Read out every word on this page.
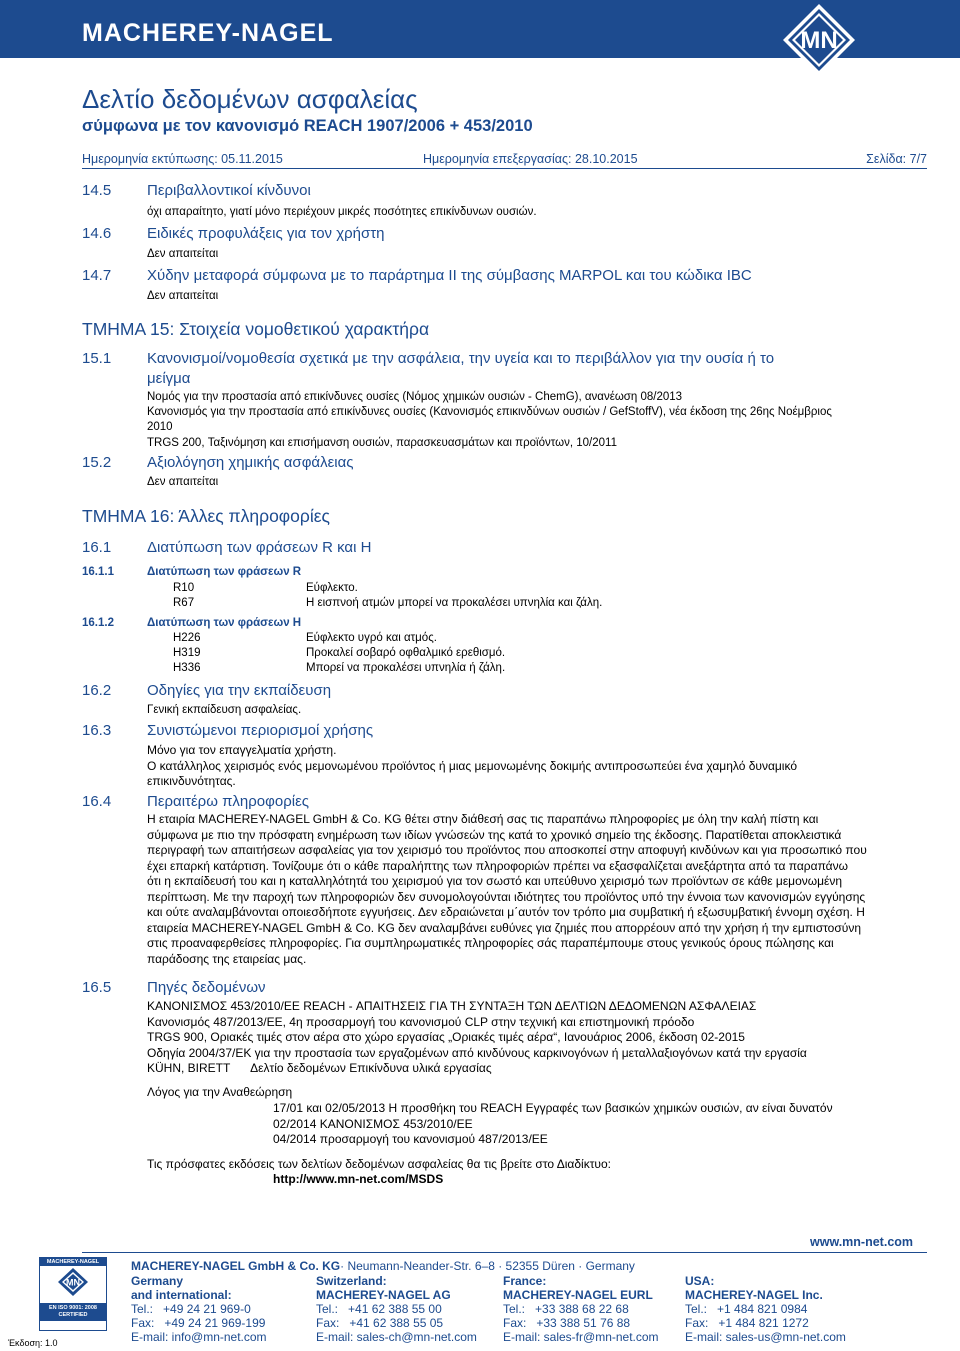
MACHEREY-NAGEL	MN
Δελτίο δεδομένων ασφαλείας
σύμφωνα με τον κανονισμό REACH 1907/2006 + 453/2010
Ημερομηνία εκτύπωσης: 05.11.2015	Ημερομηνία επεξεργασίας: 28.10.2015	Σελίδα: 7/7
14.5 Περιβαλλοντικοί κίνδυνοι
όχι απαραίτητο, γιατί μόνο περιέχουν μικρές ποσότητες επικίνδυνων ουσιών.
14.6 Ειδικές προφυλάξεις για τον χρήστη
Δεν απαιτείται
14.7 Χύδην μεταφορά σύμφωνα με το παράρτημα II της σύμβασης MARPOL και του κώδικα IBC
Δεν απαιτείται
ΤΜΗΜΑ 15: Στοιχεία νομοθετικού χαρακτήρα
15.1 Κανονισμοί/νομοθεσία σχετικά με την ασφάλεια, την υγεία και το περιβάλλον για την ουσία ή το
μείγμα
Νομός για την προστασία από επικίνδυνες ουσίες (Νόμος χημικών ουσιών - ChemG), ανανέωση 08/2013
Κανονισμός για την προστασία από επικίνδυνες ουσίες (Κανονισμός επικινδύνων ουσιών / GefStoffV), νέα έκδοση της 26ης Νοέμβριος
2010
TRGS 200, Ταξινόμηση και επισήμανση ουσιών, παρασκευασμάτων και προϊόντων, 10/2011
15.2 Αξιολόγηση χημικής ασφάλειας
Δεν απαιτείται
ΤΜΗΜΑ 16: Άλλες πληροφορίες
16.1 Διατύπωση των φράσεων R και H
16.1.1	Διατύπωση των φράσεων R
R10	Εύφλεκτο.
R67	Η εισπνοή ατμών μπορεί να προκαλέσει υπνηλία και ζάλη.
16.1.2	Διατύπωση των φράσεων H
H226	Εύφλεκτο υγρό και ατμός.
H319	Προκαλεί σοβαρό οφθαλμικό ερεθισμό.
H336	Μπορεί να προκαλέσει υπνηλία ή ζάλη.
16.2 Οδηγίες για την εκπαίδευση
Γενική εκπαίδευση ασφαλείας.
16.3 Συνιστώμενοι περιορισμοί χρήσης
Μόνο για τον επαγγελματία χρήστη.
Ο κατάλληλος χειρισμός ενός μεμονωμένου προϊόντος ή μιας μεμονωμένης δοκιμής αντιπροσωπεύει ένα χαμηλό δυναμικό
επικινδυνότητας.
16.4 Περαιτέρω πληροφορίες
Η εταιρία MACHEREY-NAGEL GmbH & Co. KG θέτει στην διάθεσή σας τις παραπάνω πληροφορίες με όλη την καλή πίστη και
σύμφωνα με πιο την πρόσφατη ενημέρωση των ιδίων γνώσεών της κατά το χρονικό σημείο της έκδοσης. Παρατίθεται αποκλειστικά
περιγραφή των απαιτήσεων ασφαλείας για τον χειρισμό του προϊόντος που αποσκοπεί στην αποφυγή κινδύνων και για προσωπικό που
έχει επαρκή κατάρτιση. Τονίζουμε ότι ο κάθε παραλήπτης των πληροφοριών πρέπει να εξασφαλίζεται ανεξάρτητα από τα παραπάνω
ότι η εκπαίδευσή του και η καταλληλότητά του χειρισμού για τον σωστό και υπεύθυνο χειρισμό των προϊόντων σε κάθε μεμονωμένη
περίπτωση. Με την παροχή των πληροφοριών δεν συνομολογούνται ιδιότητες του προϊόντος υπό την έννοια των κανονισμών εγγύησης
και ούτε αναλαμβάνονται οποιεσδήποτε εγγυήσεις. Δεν εδραιώνεται μ΄αυτόν τον τρόπο μια συμβατική ή εξωσυμβατική έννομη σχέση. Η
εταιρεία MACHEREY-NAGEL GmbH & Co. KG δεν αναλαμβάνει ευθύνες για ζημιές που απορρέουν από την χρήση ή την εμπιστοσύνη
στις προαναφερθείσες πληροφορίες. Για συμπληρωματικές πληροφορίες σάς παραπέμπουμε στους γενικούς όρους πώλησης και
παράδοσης της εταιρείας μας.
16.5 Πηγές δεδομένων
ΚΑΝΟΝΙΣΜΟΣ 453/2010/ΕΕ REACH - ΑΠΑΙΤΗΣΕΙΣ ΓΙΑ ΤΗ ΣΥΝΤΑΞΗ ΤΩΝ ΔΕΛΤΙΩΝ ΔΕΔΟΜΕΝΩΝ ΑΣΦΑΛΕΙΑΣ
Κανονισμός 487/2013/ΕΕ, 4η προσαρμογή του κανονισμού CLP στην τεχνική και επιστημονική πρόοδο
TRGS 900, Οριακές τιμές στον αέρα στο χώρο εργασίας „Οριακές τιμές αέρα“, Ιανουάριος 2006, έκδοση 02-2015
Οδηγία 2004/37/ΕΚ για την προστασία των εργαζομένων από κινδύνους καρκινογόνων ή μεταλλαξιογόνων κατά την εργασία
KÜHN, BIRETT      Δελτίο δεδομένων Επικίνδυνα υλικά εργασίας
Λόγος για την Αναθεώρηση
17/01 και 02/05/2013 Η προσθήκη του REACH Εγγραφές των βασικών χημικών ουσιών, αν είναι δυνατόν
02/2014 ΚΑΝΟΝΙΣΜΟΣ 453/2010/ΕΕ
04/2014 προσαρμογή του κανονισμού 487/2013/ΕΕ
Τις πρόσφατες εκδόσεις των δελτίων δεδομένων ασφαλείας θα τις βρείτε στο Διαδίκτυο:
http://www.mn-net.com/MSDS
MACHEREY-NAGEL GmbH & Co. KG· Neumann-Neander-Str. 6–8 · 52355 Düren · Germany
www.mn-net.com
MACHEREY-NAGEL
MN
EN ISO 9001: 2008
CERTIFIED
Έκδοση: 1.0
Germany
and international:
Tel.:   +49 24 21 969-0
Fax:   +49 24 21 969-199
E-mail: info@mn-net.com
Switzerland:
MACHEREY-NAGEL AG
Tel.:   +41 62 388 55 00
Fax:   +41 62 388 55 05
E-mail: sales-ch@mn-net.com
France:
MACHEREY-NAGEL EURL
Tel.:   +33 388 68 22 68
Fax:   +33 388 51 76 88
E-mail: sales-fr@mn-net.com
USA:
MACHEREY-NAGEL Inc.
Tel.:   +1 484 821 0984
Fax:   +1 484 821 1272
E-mail: sales-us@mn-net.com
